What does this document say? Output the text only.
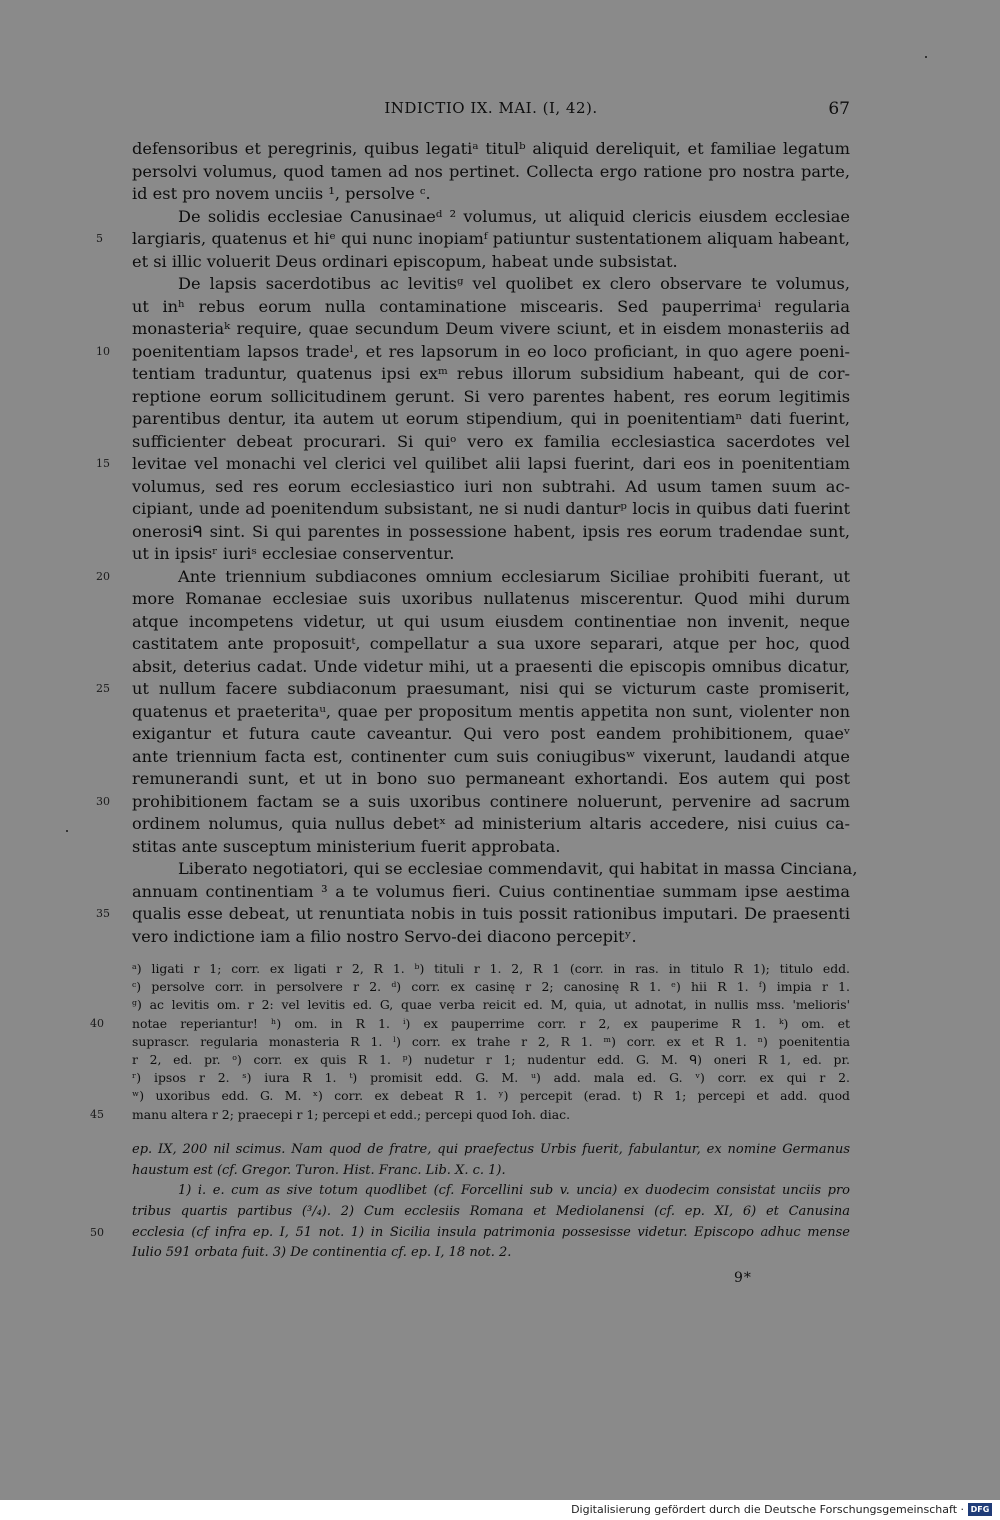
INDICTIO IX. MAI. (I, 42).	67
defensoribus et peregrinis, quibus legatiᵃ titulᵇ aliquid dereliquit, et familiae legatum
persolvi volumus, quod tamen ad nos pertinet. Collecta ergo ratione pro nostra parte,
id est pro novem unciis ¹, persolve ᶜ.
De solidis ecclesiae Canusinaeᵈ ² volumus, ut aliquid clericis eiusdem ecclesiae
5	largiaris, quatenus et hiᵉ qui nunc inopiamᶠ patiuntur sustentationem aliquam habeant,
et si illic voluerit Deus ordinari episcopum, habeat unde subsistat.
De lapsis sacerdotibus ac levitisᵍ vel quolibet ex clero observare te volumus,
ut inʰ rebus eorum nulla contaminatione miscearis. Sed pauperrimaⁱ regularia
monasteriaᵏ require, quae secundum Deum vivere sciunt, et in eisdem monasteriis ad
10	poenitentiam lapsos tradeˡ, et res lapsorum in eo loco proficiant, in quo agere poeni-
tentiam traduntur, quatenus ipsi exᵐ rebus illorum subsidium habeant, qui de cor-
reptione eorum sollicitudinem gerunt. Si vero parentes habent, res eorum legitimis
parentibus dentur, ita autem ut eorum stipendium, qui in poenitentiamⁿ dati fuerint,
sufficienter debeat procurari. Si quiᵒ vero ex familia ecclesiastica sacerdotes vel
15	levitae vel monachi vel clerici vel quilibet alii lapsi fuerint, dari eos in poenitentiam
volumus, sed res eorum ecclesiastico iuri non subtrahi. Ad usum tamen suum ac-
cipiant, unde ad poenitendum subsistant, ne si nudi danturᵖ locis in quibus dati fuerint
onerosiᑫ sint. Si qui parentes in possessione habent, ipsis res eorum tradendae sunt,
ut in ipsisʳ iuriˢ ecclesiae conserventur.
20	Ante triennium subdiacones omnium ecclesiarum Siciliae prohibiti fuerant, ut
more Romanae ecclesiae suis uxoribus nullatenus miscerentur. Quod mihi durum
atque incompetens videtur, ut qui usum eiusdem continentiae non invenit, neque
castitatem ante proposuitᵗ, compellatur a sua uxore separari, atque per hoc, quod
absit, deterius cadat. Unde videtur mihi, ut a praesenti die episcopis omnibus dicatur,
25	ut nullum facere subdiaconum praesumant, nisi qui se victurum caste promiserit,
quatenus et praeteritaᵘ, quae per propositum mentis appetita non sunt, violenter non
exigantur et futura caute caveantur. Qui vero post eandem prohibitionem, quaeᵛ
ante triennium facta est, continenter cum suis coniugibusʷ vixerunt, laudandi atque
remunerandi sunt, et ut in bono suo permaneant exhortandi. Eos autem qui post
30	prohibitionem factam se a suis uxoribus continere noluerunt, pervenire ad sacrum
ordinem nolumus, quia nullus debetˣ ad ministerium altaris accedere, nisi cuius ca-
stitas ante susceptum ministerium fuerit approbata.
Liberato negotiatori, qui se ecclesiae commendavit, qui habitat in massa Cinciana,
annuam continentiam ³ a te volumus fieri. Cuius continentiae summam ipse aestima
35	qualis esse debeat, ut renuntiata nobis in tuis possit rationibus imputari. De praesenti
vero indictione iam a filio nostro Servo-dei diacono percepitʸ.
ᵃ) ligati r 1; corr. ex ligati r 2, R 1. ᵇ) tituli r 1. 2, R 1 (corr. in ras. in titulo R 1); titulo edd.
ᶜ) persolve corr. in persolvere r 2. ᵈ) corr. ex casinę r 2; canosinę R 1. ᵉ) hii R 1. ᶠ) impia r 1.
ᵍ) ac levitis om. r 2: vel levitis ed. G, quae verba reicit ed. M, quia, ut adnotat, in nullis mss. 'melioris'
40	notae reperiantur! ʰ) om. in R 1. ⁱ) ex pauperrime corr. r 2, ex pauperime R 1. ᵏ) om. et
suprascr. regularia monasteria R 1. ˡ) corr. ex trahe r 2, R 1. ᵐ) corr. ex et R 1. ⁿ) poenitentia
r 2, ed. pr. ᵒ) corr. ex quis R 1. ᵖ) nudetur r 1; nudentur edd. G. M. ᑫ) oneri R 1, ed. pr.
ʳ) ipsos r 2. ˢ) iura R 1. ᵗ) promisit edd. G. M. ᵘ) add. mala ed. G. ᵛ) corr. ex qui r 2.
ʷ) uxoribus edd. G. M. ˣ) corr. ex debeat R 1. ʸ) percepit (erad. t) R 1; percepi et add. quod
45	manu altera r 2; praecepi r 1; percepi et edd.; percepi quod Ioh. diac.
ep. IX, 200 nil scimus. Nam quod de fratre, qui praefectus Urbis fuerit, fabulantur, ex nomine Germanus
haustum est (cf. Gregor. Turon. Hist. Franc. Lib. X. c. 1).
1) i. e. cum as sive totum quodlibet (cf. Forcellini sub v. uncia) ex duodecim consistat unciis pro
tribus quartis partibus (³/₄). 2) Cum ecclesiis Romana et Mediolanensi (cf. ep. XI, 6) et Canusina
50	ecclesia (cf infra ep. I, 51 not. 1) in Sicilia insula patrimonia possesisse videtur. Episcopo adhuc mense
Iulio 591 orbata fuit. 3) De continentia cf. ep. I, 18 not. 2.
9*
Digitalisierung gefördert durch die Deutsche Forschungsgemeinschaft · DFG
